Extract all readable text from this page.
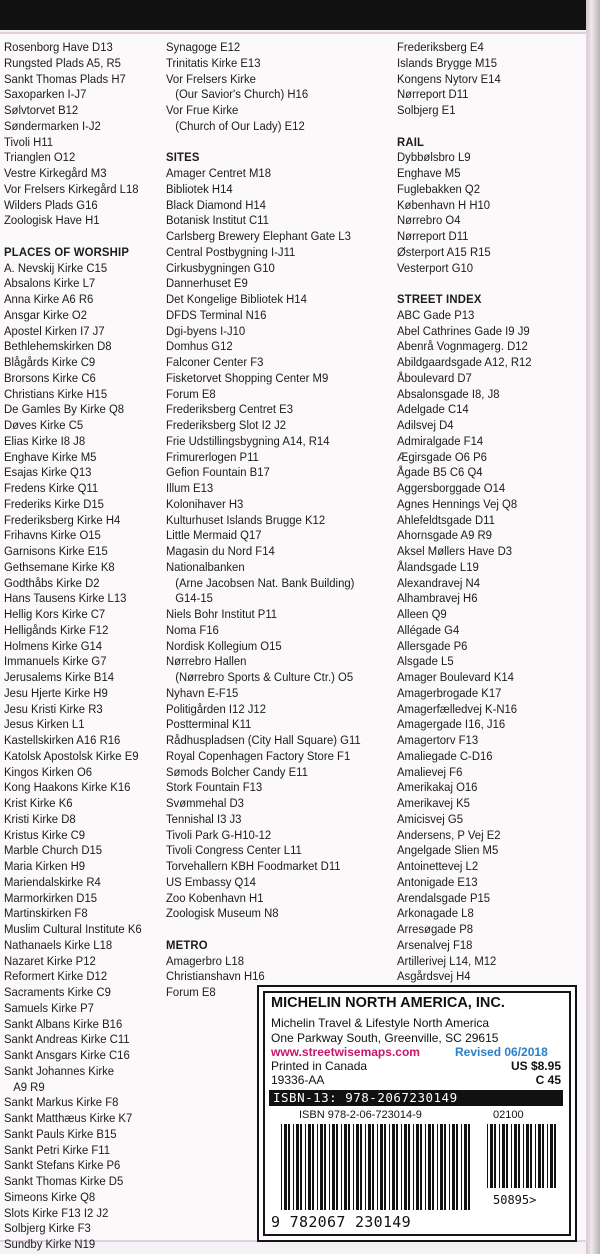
Rosenborg Have D13
Rungsted Plads A5, R5
Sankt Thomas Plads H7
Saxoparken I-J7
Sølvtorvet B12
Søndermarken I-J2
Tivoli H11
Trianglen O12
Vestre Kirkegård M3
Vor Frelsers Kirkegård L18
Wilders Plads G16
Zoologisk Have H1
PLACES OF WORSHIP
A. Nevskij Kirke C15
Absalons Kirke L7
Anna Kirke A6 R6
Ansgar Kirke O2
Apostel Kirken I7 J7
Bethlehemskirken D8
Blågårds Kirke C9
Brorsons Kirke C6
Christians Kirke H15
De Gamles By Kirke Q8
Døves Kirke C5
Elias Kirke I8 J8
Enghave Kirke M5
Esajas Kirke Q13
Fredens Kirke Q11
Frederiks Kirke D15
Frederiksberg Kirke H4
Frihavns Kirke O15
Garnisons Kirke E15
Gethsemane Kirke K8
Godthåbs Kirke D2
Hans Tausens Kirke L13
Hellig Kors Kirke C7
Helligånds Kirke F12
Holmens Kirke G14
Immanuels Kirke G7
Jerusalems Kirke B14
Jesu Hjerte Kirke H9
Jesu Kristi Kirke R3
Jesus Kirken L1
Kastellskirken A16 R16
Katolsk Apostolsk Kirke E9
Kingos Kirken O6
Kong Haakons Kirke K16
Krist Kirke K6
Kristi Kirke D8
Kristus Kirke C9
Marble Church D15
Maria Kirken H9
Mariendalskirke R4
Marmorkirken D15
Martinskirken F8
Muslim Cultural Institute K6
Nathanaels Kirke L18
Nazaret Kirke P12
Reformert Kirke D12
Sacraments Kirke C9
Samuels Kirke P7
Sankt Albans Kirke B16
Sankt Andreas Kirke C11
Sankt Ansgars Kirke C16
Sankt Johannes Kirke
A9 R9
Sankt Markus Kirke F8
Sankt Matthæus Kirke K7
Sankt Pauls Kirke B15
Sankt Petri Kirke F11
Sankt Stefans Kirke P6
Sankt Thomas Kirke D5
Simeons Kirke Q8
Slots Kirke F13 I2 J2
Solbjerg Kirke F3
Sundby Kirke N19
Synagoge E12
Trinitatis Kirke E13
Vor Frelsers Kirke
(Our Savior's Church) H16
Vor Frue Kirke
(Church of Our Lady) E12
SITES
Amager Centret M18
Bibliotek H14
Black Diamond H14
Botanisk Institut C11
Carlsberg Brewery Elephant Gate L3
Central Postbygning I-J11
Cirkusbygningen G10
Dannerhuset E9
Det Kongelige Bibliotek H14
DFDS Terminal N16
Dgi-byens I-J10
Domhus G12
Falconer Center F3
Fisketorvet Shopping Center M9
Forum E8
Frederiksberg Centret E3
Frederiksberg Slot I2 J2
Frie Udstillingsbygning A14, R14
Frimurerlogen P11
Gefion Fountain B17
Illum E13
Kolonihaver H3
Kulturhuset Islands Brugge K12
Little Mermaid Q17
Magasin du Nord F14
Nationalbanken
(Arne Jacobsen Nat. Bank Building)
G14-15
Niels Bohr Institut P11
Noma F16
Nordisk Kollegium O15
Nørrebro Hallen
(Nørrebro Sports & Culture Ctr.) O5
Nyhavn E-F15
Politigården I12 J12
Postterminal K11
Rådhuspladsen (City Hall Square) G11
Royal Copenhagen Factory Store F1
Sømods Bolcher Candy E11
Stork Fountain F13
Svømmehal D3
Tennishal I3 J3
Tivoli Park G-H10-12
Tivoli Congress Center L11
Torvehallern KBH Foodmarket D11
US Embassy Q14
Zoo Kobenhavn H1
Zoologisk Museum N8
METRO
Amagerbro L18
Christianshavn H16
Forum E8
Frederiksberg E4
Islands Brygge M15
Kongens Nytorv E14
Nørreport D11
Solbjerg E1
RAIL
Dybbølsbro L9
Enghave M5
Fuglebakken Q2
København H H10
Nørrebro O4
Nørreport D11
Østerport A15 R15
Vesterport G10
STREET INDEX
ABC Gade P13
Abel Cathrines Gade I9 J9
Abenrå Vognmagerg. D12
Abildgaardsgade A12, R12
Åboulevard D7
Absalonsgade I8, J8
Adelgade C14
Adilsvej D4
Admiralgade F14
Ægirsgade O6 P6
Ågade B5 C6 Q4
Aggersborggade O14
Agnes Hennings Vej Q8
Ahlefeldtsgade D11
Ahornsgade A9 R9
Aksel Møllers Have D3
Ålandsgade L19
Alexandravej N4
Alhambravej H6
Alleen Q9
Allégade G4
Allersgade P6
Alsgade L5
Amager Boulevard K14
Amagerbrogade K17
Amagerfælledvej K-N16
Amagergade I16, J16
Amagertorv F13
Amaliegade C-D16
Amalievej F6
Amerikakaj O16
Amerikavej K5
Amicisvej G5
Andersens, P Vej E2
Angelgade Slien M5
Antoinettevej L2
Antonigade E13
Arendalsgade P15
Arkonagade L8
Arresøgade P8
Arsenalvej F18
Artillerivej L14, M12
Asgårdsvej H4
MICHELIN NORTH AMERICA, INC.
Michelin Travel & Lifestyle North America
One Parkway South, Greenville, SC 29615
www.streetwisemaps.com	Revised 06/2018
Printed in Canada	US $8.95
19336-AA	C 45
ISBN-13: 978-2067230149
ISBN 978-2-06-723014-9	02100
50895>
9 782067 230149
